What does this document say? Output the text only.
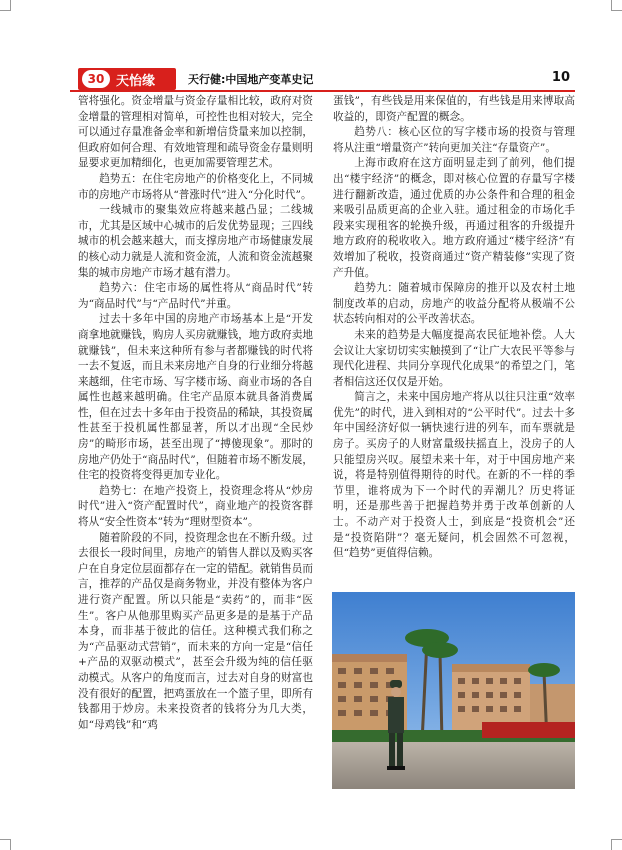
30 天怡缘	天行健:中国地产变革史记	10

管将强化。资金增量与资金存量相比较，政府对资金增量的管理相对简单，可控性也相对较大，完全可以通过存量准备金率和新增信贷量来加以控制，但政府如何合理、有效地管理和疏导资金存量则明显要求更加精细化，也更加需要管理艺术。

趋势五：在住宅房地产的价格变化上，不同城市的房地产市场将从“普涨时代”进入“分化时代”。

一线城市的聚集效应将越来越凸显；二线城市，尤其是区域中心城市的后发优势显现；三四线城市的机会越来越大，而支撑房地产市场健康发展的核心动力就是人流和资金流，人流和资金流越聚集的城市房地产市场才越有潜力。

趋势六：住宅市场的属性将从“商品时代”转为“商品时代”与“产品时代”并重。

过去十多年中国的房地产市场基本上是“开发商拿地就赚钱，购房人买房就赚钱，地方政府卖地就赚钱”，但未来这种所有参与者都赚钱的时代将一去不复返，而且未来房地产自身的行业细分将越来越细，住宅市场、写字楼市场、商业市场的各自属性也越来越明确。住宅产品原本就具备消费属性，但在过去十多年由于投资品的稀缺，其投资属性甚至于投机属性都显著，所以才出现“全民炒房”的畸形市场，甚至出现了“搏傻现象”。那时的房地产仍处于“商品时代”，但随着市场不断发展，住宅的投资将变得更加专业化。

趋势七：在地产投资上，投资理念将从“炒房时代”进入“资产配置时代”，商业地产的投资客群将从“安全性资本”转为“理财型资本”。

随着阶段的不同，投资理念也在不断升级。过去很长一段时间里，房地产的销售人群以及购买客户在自身定位层面都存在一定的错配。就销售员而言，推荐的产品仅是商务物业，并没有整体为客户进行资产配置。所以只能是“卖药”的，而非“医生”。客户从他那里购买产品更多是的是基于产品本身，而非基于彼此的信任。这种模式我们称之为“产品驱动式营销”，而未来的方向一定是“信任+产品的双驱动模式”，甚至会升级为纯的信任驱动模式。从客户的角度而言，过去对自身的财富也没有很好的配置，把鸡蛋放在一个篮子里，即所有钱都用于炒房。未来投资者的钱将分为几大类，如“母鸡钱”和“鸡

蛋钱”，有些钱是用来保值的，有些钱是用来博取高收益的，即资产配置的概念。

趋势八：核心区位的写字楼市场的投资与管理将从注重“增量资产”转向更加关注“存量资产”。

上海市政府在这方面明显走到了前列，他们提出“楼宇经济”的概念，即对核心位置的存量写字楼进行翻新改造，通过优质的办公条件和合理的租金来吸引品质更高的企业入驻。通过租金的市场化手段来实现租客的轮换升级，再通过租客的升级提升地方政府的税收收入。地方政府通过“楼宇经济”有效增加了税收，投资商通过“资产精装修”实现了资产升值。

趋势九：随着城市保障房的推开以及农村土地制度改革的启动，房地产的收益分配将从极端不公状态转向相对的公平改善状态。

未来的趋势是大幅度提高农民征地补偿。人大会议让大家切切实实触摸到了“让广大农民平等参与现代化进程、共同分享现代化成果”的希望之门，笔者相信这还仅仅是开始。

简言之，未来中国房地产将从以往只注重“效率优先”的时代，进入到相对的“公平时代”。过去十多年中国经济好似一辆快速行进的列车，而车票就是房子。买房子的人财富量级扶摇直上，没房子的人只能望房兴叹。展望未来十年，对于中国房地产来说，将是特别值得期待的时代。在新的不一样的季节里，谁将成为下一个时代的弄潮儿？历史将证明，还是那些善于把握趋势并勇于改革创新的人士。不动产对于投资人士，到底是“投资机会”还是“投资陷阱”？毫无疑问，机会固然不可忽视，但“趋势”更值得信赖。
